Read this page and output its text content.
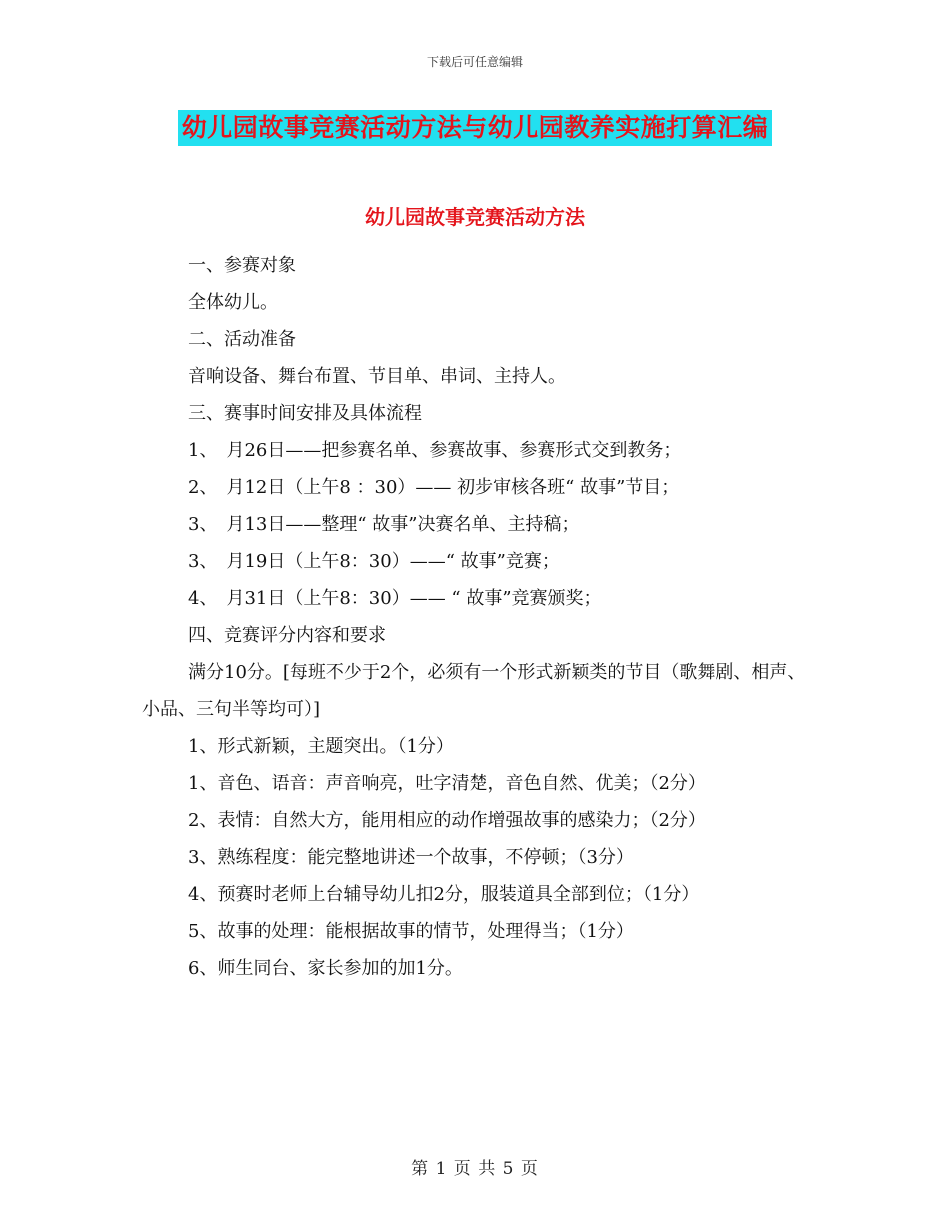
下载后可任意编辑
幼儿园故事竞赛活动方法与幼儿园教养实施打算汇编
幼儿园故事竞赛活动方法

一、参赛对象

全体幼儿。

二、活动准备

音响设备、舞台布置、节目单、串词、主持人。

三、赛事时间安排及具体流程

1、　月26日——把参赛名单、参赛故事、参赛形式交到教务；

2、　月12日（上午8 ：30）—— 初步审核各班“ 故事”节目；

3、　月13日——整理“ 故事”决赛名单、主持稿；

3、　月19日（上午8：30）——“ 故事”竞赛；

4、　月31日（上午8：30）—— “ 故事”竞赛颁奖；

四、竞赛评分内容和要求

满分10分。[每班不少于2个，必须有一个形式新颖类的节目（歌舞剧、相声、小品、三句半等均可）]

1、形式新颖，主题突出。（1分）

1、音色、语音：声音响亮，吐字清楚，音色自然、优美；（2分）

2、表情：自然大方，能用相应的动作增强故事的感染力；（2分）

3、熟练程度：能完整地讲述一个故事，不停顿；（3分）

4、预赛时老师上台辅导幼儿扣2分，服装道具全部到位；（1分）

5、故事的处理：能根据故事的情节，处理得当；（1分）

6、师生同台、家长参加的加1分。

第 1 页 共 5 页
